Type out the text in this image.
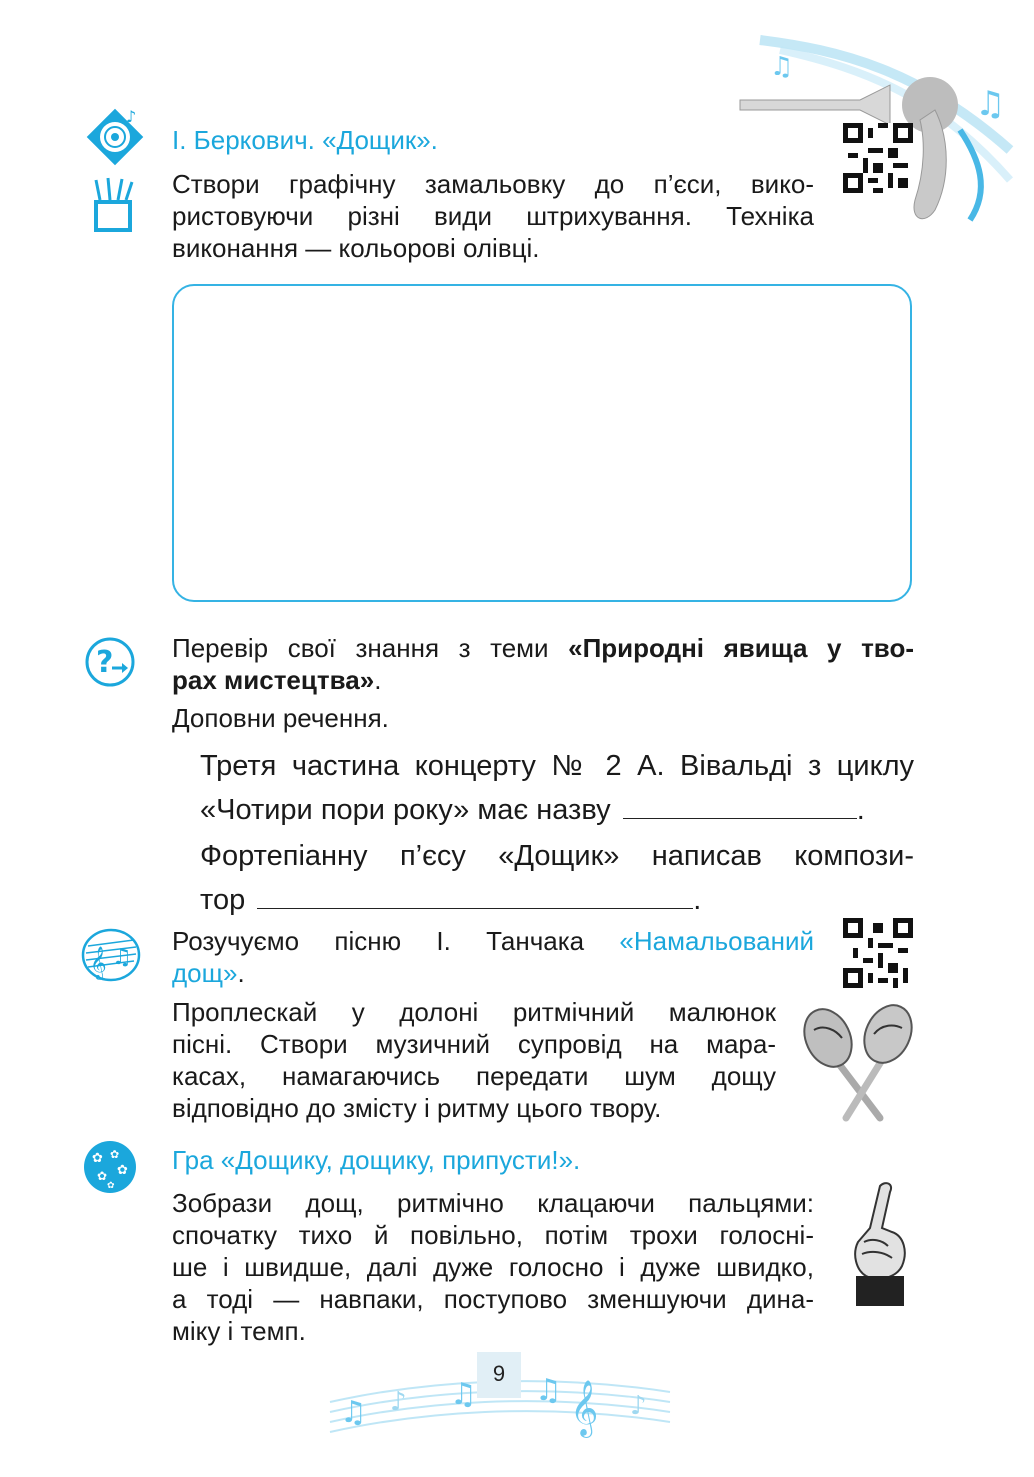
♫
♫
♪
І. Беркович. «Дощик».
Створи графічну замальовку до п’єси, вико-
ристовуючи різні види штрихування. Техніка
виконання — кольорові олівці.
? Перевір свої знання з теми «Природні явища у тво-
рах мистецтва».
Доповни речення.
Третя частина концерту № 2 А. Вівальді з циклу
«Чотири пори року» має назву	.
Фортепіанну п’єсу «Дощик» написав компози-
тор	.
𝄞 ♫
Розучуємо пісню І. Танчака «Намальований
дощ».
Проплескай у долоні ритмічний малюнок
пісні. Створи музичний супровід на мара-
касах, намагаючись передати шум дощу
відповідно до змісту і ритму цього твору.
✿ ✿
✿
✿
✿
Гра «Дощику, дощику, припусти!».
Зобрази дощ, ритмічно клацаючи пальцями:
спочатку тихо й повільно, потім трохи голосні-
ше і швидше, далі дуже голосно і дуже швидко,
а тоді — навпаки, поступово зменшуючи дина-
міку і темп.
♫ ♪ ♫ ♫ 𝄞 ♪
9
